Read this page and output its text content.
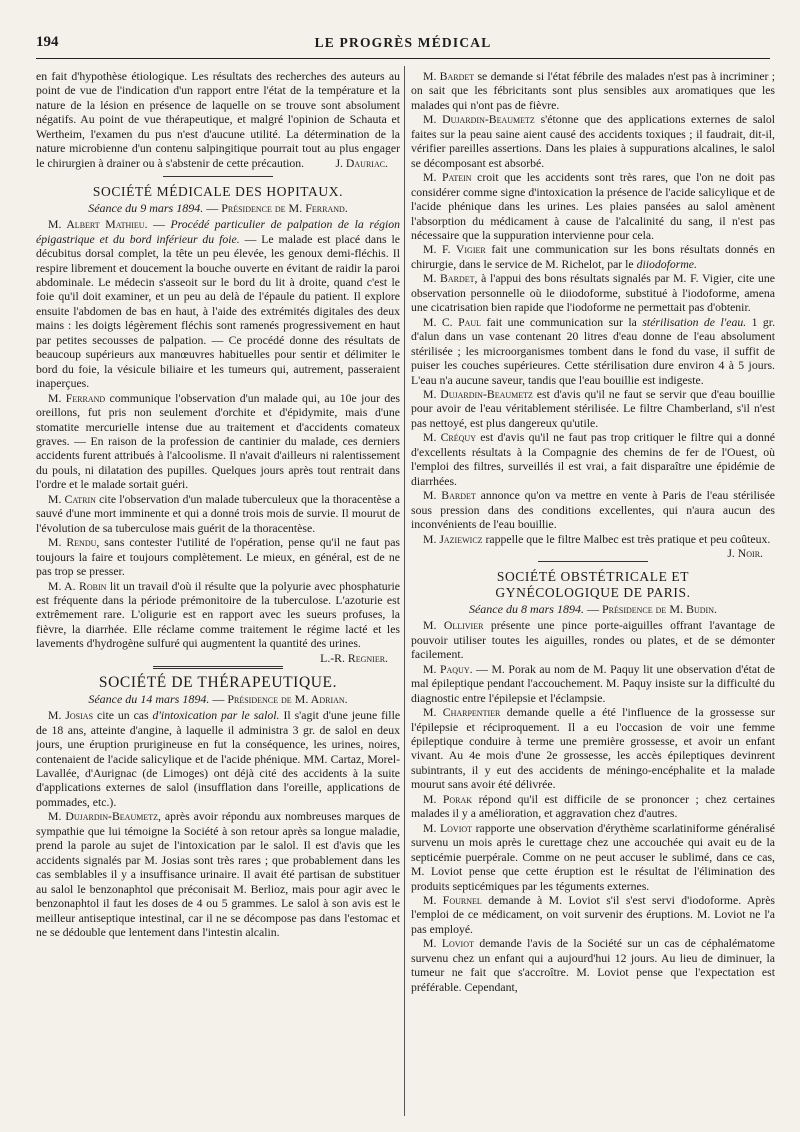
194	LE PROGRÈS MÉDICAL

en fait d'hypothèse étiologique. Les résultats des recherches des auteurs au point de vue de l'indication d'un rapport entre l'état de la température et la nature de la lésion en présence de laquelle on se trouve sont absolument négatifs. Au point de vue thérapeutique, et malgré l'opinion de Schauta et Wertheim, l'examen du pus n'est d'aucune utilité. La détermination de la nature microbienne d'un contenu salpingitique pourrait tout au plus engager le chirurgien à drainer ou à s'abstenir de cette précaution.	J. Dauriac.

SOCIÉTÉ MÉDICALE DES HOPITAUX.
Séance du 9 mars 1894. — Présidence de M. Ferrand.

M. Albert Mathieu. — Procédé particulier de palpation de la région épigastrique et du bord inférieur du foie. — Le malade est placé dans le décubitus dorsal complet, la tête un peu élevée, les genoux demi-fléchis. Il respire librement et doucement la bouche ouverte en évitant de raidir la paroi abdominale. Le médecin s'asseoit sur le bord du lit à droite, quand c'est le foie qu'il doit examiner, et un peu au delà de l'épaule du patient. Il explore ensuite l'abdomen de bas en haut, à l'aide des extrémités digitales des deux mains : les doigts légèrement fléchis sont ramenés progressivement en haut par petites secousses de palpation. — Ce procédé donne des résultats de beaucoup supérieurs aux manœuvres habituelles pour sentir et délimiter le bord du foie, la vésicule biliaire et les tumeurs qui, autrement, passeraient inaperçues.

M. Ferrand communique l'observation d'un malade qui, au 10e jour des oreillons, fut pris non seulement d'orchite et d'épidymite, mais d'une stomatite mercurielle intense due au traitement et d'accidents comateux graves. — En raison de la profession de cantinier du malade, ces derniers accidents furent attribués à l'alcoolisme. Il n'avait d'ailleurs ni ralentissement du pouls, ni dilatation des pupilles. Quelques jours après tout rentrait dans l'ordre et le malade sortait guéri.

M. Catrin cite l'observation d'un malade tuberculeux que la thoracentèse a sauvé d'une mort imminente et qui a donné trois mois de survie. Il mourut de l'évolution de sa tuberculose mais guérit de la thoracentèse.

M. Rendu, sans contester l'utilité de l'opération, pense qu'il ne faut pas toujours la faire et toujours complètement. Le mieux, en général, est de ne pas trop se presser.

M. A. Robin lit un travail d'où il résulte que la polyurie avec phosphaturie est fréquente dans la période prémonitoire de la tuberculose. L'azoturie est extrêmement rare. L'oligurie est en rapport avec les sueurs profuses, la fièvre, la diarrhée. Elle réclame comme traitement le régime lacté et les lavements d'hydrogène sulfuré qui augmentent la quantité des urines.
L.-R. Regnier.

SOCIÉTÉ DE THÉRAPEUTIQUE.
Séance du 14 mars 1894. — Présidence de M. Adrian.

M. Josias cite un cas d'intoxication par le salol. Il s'agit d'une jeune fille de 18 ans, atteinte d'angine, à laquelle il administra 3 gr. de salol en deux jours, une éruption prurigineuse en fut la conséquence, les urines, noires, contenaient de l'acide salicylique et de l'acide phénique. MM. Cartaz, Morel-Lavallée, d'Aurignac (de Limoges) ont déjà cité des accidents à la suite d'applications externes de salol (insufflation dans l'oreille, applications de pommades, etc.).

M. Dujardin-Beaumetz, après avoir répondu aux nombreuses marques de sympathie que lui témoigne la Société à son retour après sa longue maladie, prend la parole au sujet de l'intoxication par le salol. Il est d'avis que les accidents signalés par M. Josias sont très rares ; que probablement dans les cas semblables il y a insuffisance urinaire. Il avait été partisan de substituer au salol le benzonaphtol que préconisait M. Berlioz, mais pour agir avec le benzonaphtol il faut les doses de 4 ou 5 grammes. Le salol à son avis est le meilleur antiseptique intestinal, car il ne se décompose pas dans l'estomac et ne se dédouble que lentement dans l'intestin alcalin.

M. Bardet se demande si l'état fébrile des malades n'est pas à incriminer ; on sait que les fébricitants sont plus sensibles aux aromatiques que les malades qui n'ont pas de fièvre.

M. Dujardin-Beaumetz s'étonne que des applications externes de salol faites sur la peau saine aient causé des accidents toxiques ; il faudrait, dit-il, vérifier pareilles assertions. Dans les plaies à suppurations alcalines, le salol se décomposant est absorbé.

M. Patein croit que les accidents sont très rares, que l'on ne doit pas considérer comme signe d'intoxication la présence de l'acide salicylique et de l'acide phénique dans les urines. Les plaies pansées au salol amènent l'absorption du médicament à cause de l'alcalinité du sang, il n'est pas nécessaire que la suppuration intervienne pour cela.

M. F. Vigier fait une communication sur les bons résultats donnés en chirurgie, dans le service de M. Richelot, par le diiodoforme.

M. Bardet, à l'appui des bons résultats signalés par M. F. Vigier, cite une observation personnelle où le diiodoforme, substitué à l'iodoforme, amena une cicatrisation bien rapide que l'iodoforme ne permettait pas d'obtenir.

M. C. Paul fait une communication sur la stérilisation de l'eau. 1 gr. d'alun dans un vase contenant 20 litres d'eau donne de l'eau absolument stérilisée ; les microorganismes tombent dans le fond du vase, il suffit de puiser les couches supérieures. Cette stérilisation dure environ 4 à 5 jours. L'eau n'a aucune saveur, tandis que l'eau bouillie est indigeste.

M. Dujardin-Beaumetz est d'avis qu'il ne faut se servir que d'eau bouillie pour avoir de l'eau véritablement stérilisée. Le filtre Chamberland, s'il n'est pas nettoyé, est plus dangereux qu'utile.

M. Créquy est d'avis qu'il ne faut pas trop critiquer le filtre qui a donné d'excellents résultats à la Compagnie des chemins de fer de l'Ouest, où l'emploi des filtres, surveillés il est vrai, a fait disparaître une épidémie de diarrhées.

M. Bardet annonce qu'on va mettre en vente à Paris de l'eau stérilisée sous pression dans des conditions excellentes, qui n'aura aucun des inconvénients de l'eau bouillie.

M. Jaziewicz rappelle que le filtre Malbec est très pratique et peu coûteux.
J. Noir.

SOCIÉTÉ OBSTÉTRICALE ET GYNÉCOLOGIQUE DE PARIS.
Séance du 8 mars 1894. — Présidence de M. Budin.

M. Ollivier présente une pince porte-aiguilles offrant l'avantage de pouvoir utiliser toutes les aiguilles, rondes ou plates, et de se démonter facilement.

M. Paquy. — M. Porak au nom de M. Paquy lit une observation d'état de mal épileptique pendant l'accouchement. M. Paquy insiste sur la difficulté du diagnostic entre l'épilepsie et l'éclampsie.

M. Charpentier demande quelle a été l'influence de la grossesse sur l'épilepsie et réciproquement. Il a eu l'occasion de voir une femme épileptique conduire à terme une première grossesse, et avoir un enfant vivant. Au 4e mois d'une 2e grossesse, les accès épileptiques devinrent subintrants, il y eut des accidents de méningo-encéphalite et la malade mourut sans avoir été délivrée.

M. Porak répond qu'il est difficile de se prononcer ; chez certaines malades il y a amélioration, et aggravation chez d'autres.

M. Loviot rapporte une observation d'érythème scarlatiniforme généralisé survenu un mois après le curettage chez une accouchée qui avait eu de la septicémie puerpérale. Comme on ne peut accuser le sublimé, dans ce cas, M. Loviot pense que cette éruption est le résultat de l'élimination des produits septicémiques par les téguments externes.

M. Fournel demande à M. Loviot s'il s'est servi d'iodoforme. Après l'emploi de ce médicament, on voit survenir des éruptions. M. Loviot ne l'a pas employé.

M. Loviot demande l'avis de la Société sur un cas de céphalématome survenu chez un enfant qui a aujourd'hui 12 jours. Au lieu de diminuer, la tumeur ne fait que s'accroître. M. Loviot pense que l'expectation est préférable. Cependant,
